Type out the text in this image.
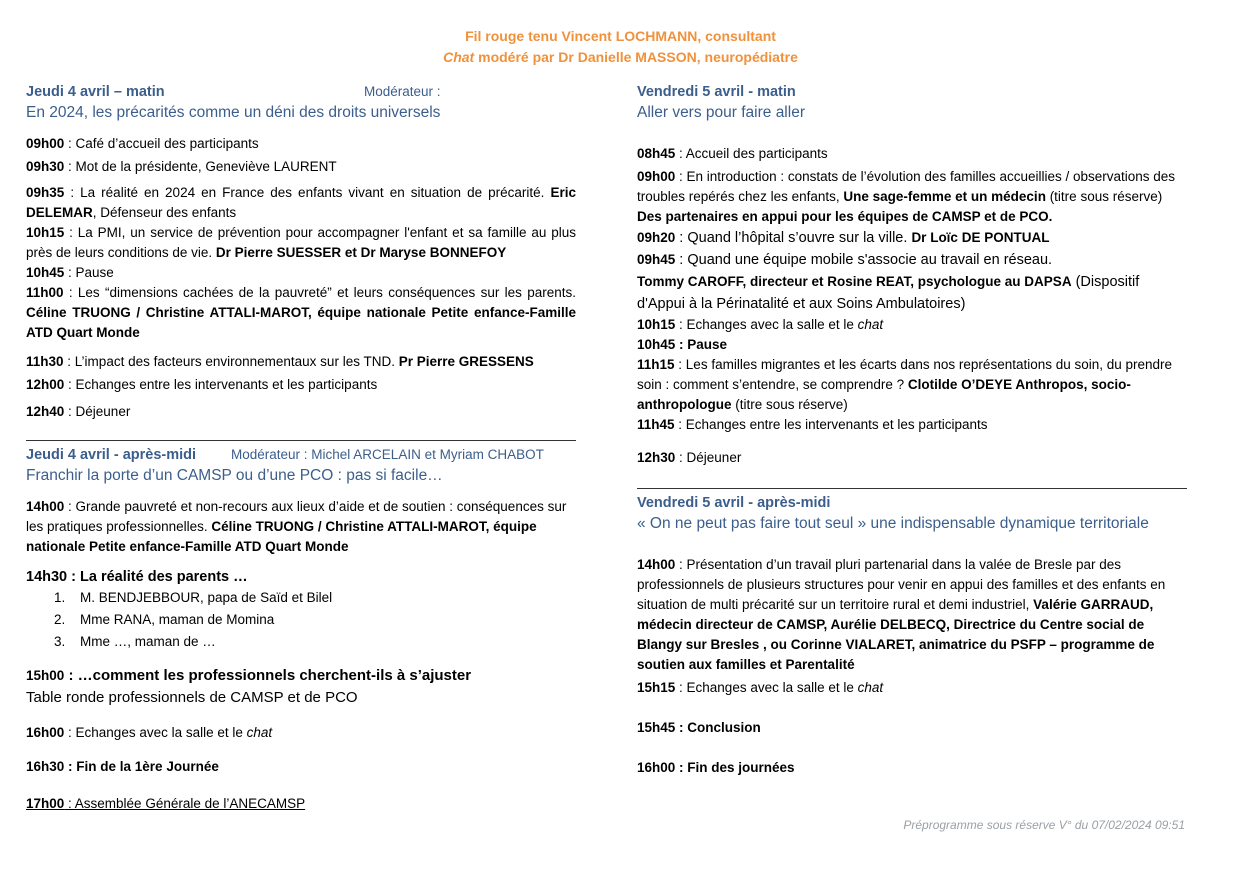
Fil rouge tenu Vincent LOCHMANN, consultant
Chat modéré par Dr Danielle MASSON, neuropédiatre
Jeudi 4 avril – matin	Modérateur :
En 2024, les précarités comme un déni des droits universels
09h00 : Café d’accueil des participants
09h30 : Mot de la présidente, Geneviève LAURENT
09h35 : La réalité en 2024 en France des enfants vivant en situation de précarité. Eric DELEMAR, Défenseur des enfants
10h15 : La PMI, un service de prévention pour accompagner l'enfant et sa famille au plus près de leurs conditions de vie. Dr Pierre SUESSER et Dr Maryse BONNEFOY
10h45 : Pause
11h00 : Les “dimensions cachées de la pauvreté” et leurs conséquences sur les parents. Céline TRUONG / Christine ATTALI-MAROT, équipe nationale Petite enfance-Famille ATD Quart Monde
11h30 : L’impact des facteurs environnementaux sur les TND. Pr Pierre GRESSENS
12h00 : Echanges entre les intervenants et les participants
12h40 : Déjeuner
Jeudi 4 avril - après-midi	Modérateur : Michel ARCELAIN et Myriam CHABOT
Franchir la porte d’un CAMSP ou d’une PCO : pas si facile…
14h00 : Grande pauvreté et non-recours aux lieux d’aide et de soutien : conséquences sur les pratiques professionnelles. Céline TRUONG / Christine ATTALI-MAROT, équipe nationale Petite enfance-Famille ATD Quart Monde
14h30 : La réalité des parents …
1. M. BENDJEBBOUR, papa de Saïd et Bilel
2. Mme RANA, maman de Momina
3. Mme …, maman de …
15h00 : …comment les professionnels cherchent-ils à s’ajuster
Table ronde professionnels de CAMSP et de PCO
16h00 : Echanges avec la salle et le chat
16h30 : Fin de la 1ère Journée
17h00 : Assemblée Générale de l’ANECAMSP
Vendredi 5 avril - matin
Aller vers pour faire aller
08h45 : Accueil des participants
09h00 : En introduction : constats de l’évolution des familles accueillies / observations des troubles repérés chez les enfants, Une sage-femme et un médecin (titre sous réserve)
Des partenaires en appui pour les équipes de CAMSP et de PCO.
09h20 : Quand l’hôpital s’ouvre sur la ville. Dr Loïc DE PONTUAL
09h45 : Quand une équipe mobile s'associe au travail en réseau.
Tommy CAROFF, directeur et Rosine REAT, psychologue au DAPSA (Dispositif d'Appui à la Périnatalité et aux Soins Ambulatoires)
10h15 : Echanges avec la salle et le chat
10h45 : Pause
11h15 : Les familles migrantes et les écarts dans nos représentations du soin, du prendre soin : comment s’entendre, se comprendre ? Clotilde O’DEYE Anthropos, socio-anthropologue (titre sous réserve)
11h45 : Echanges entre les intervenants et les participants
12h30 : Déjeuner
Vendredi 5 avril - après-midi
« On ne peut pas faire tout seul » une indispensable dynamique territoriale
14h00 : Présentation d’un travail pluri partenarial dans la valée de Bresle par des professionnels de plusieurs structures pour venir en appui des familles et des enfants en situation de multi précarité sur un territoire rural et demi industriel, Valérie GARRAUD, médecin directeur de CAMSP, Aurélie DELBECQ, Directrice du Centre social de Blangy sur Bresles , ou Corinne VIALARET, animatrice du PSFP – programme de soutien aux familles et Parentalité
15h15 : Echanges avec la salle et le chat
15h45 : Conclusion
16h00 : Fin des journées
Préprogramme sous réserve V° du 07/02/2024 09:51
